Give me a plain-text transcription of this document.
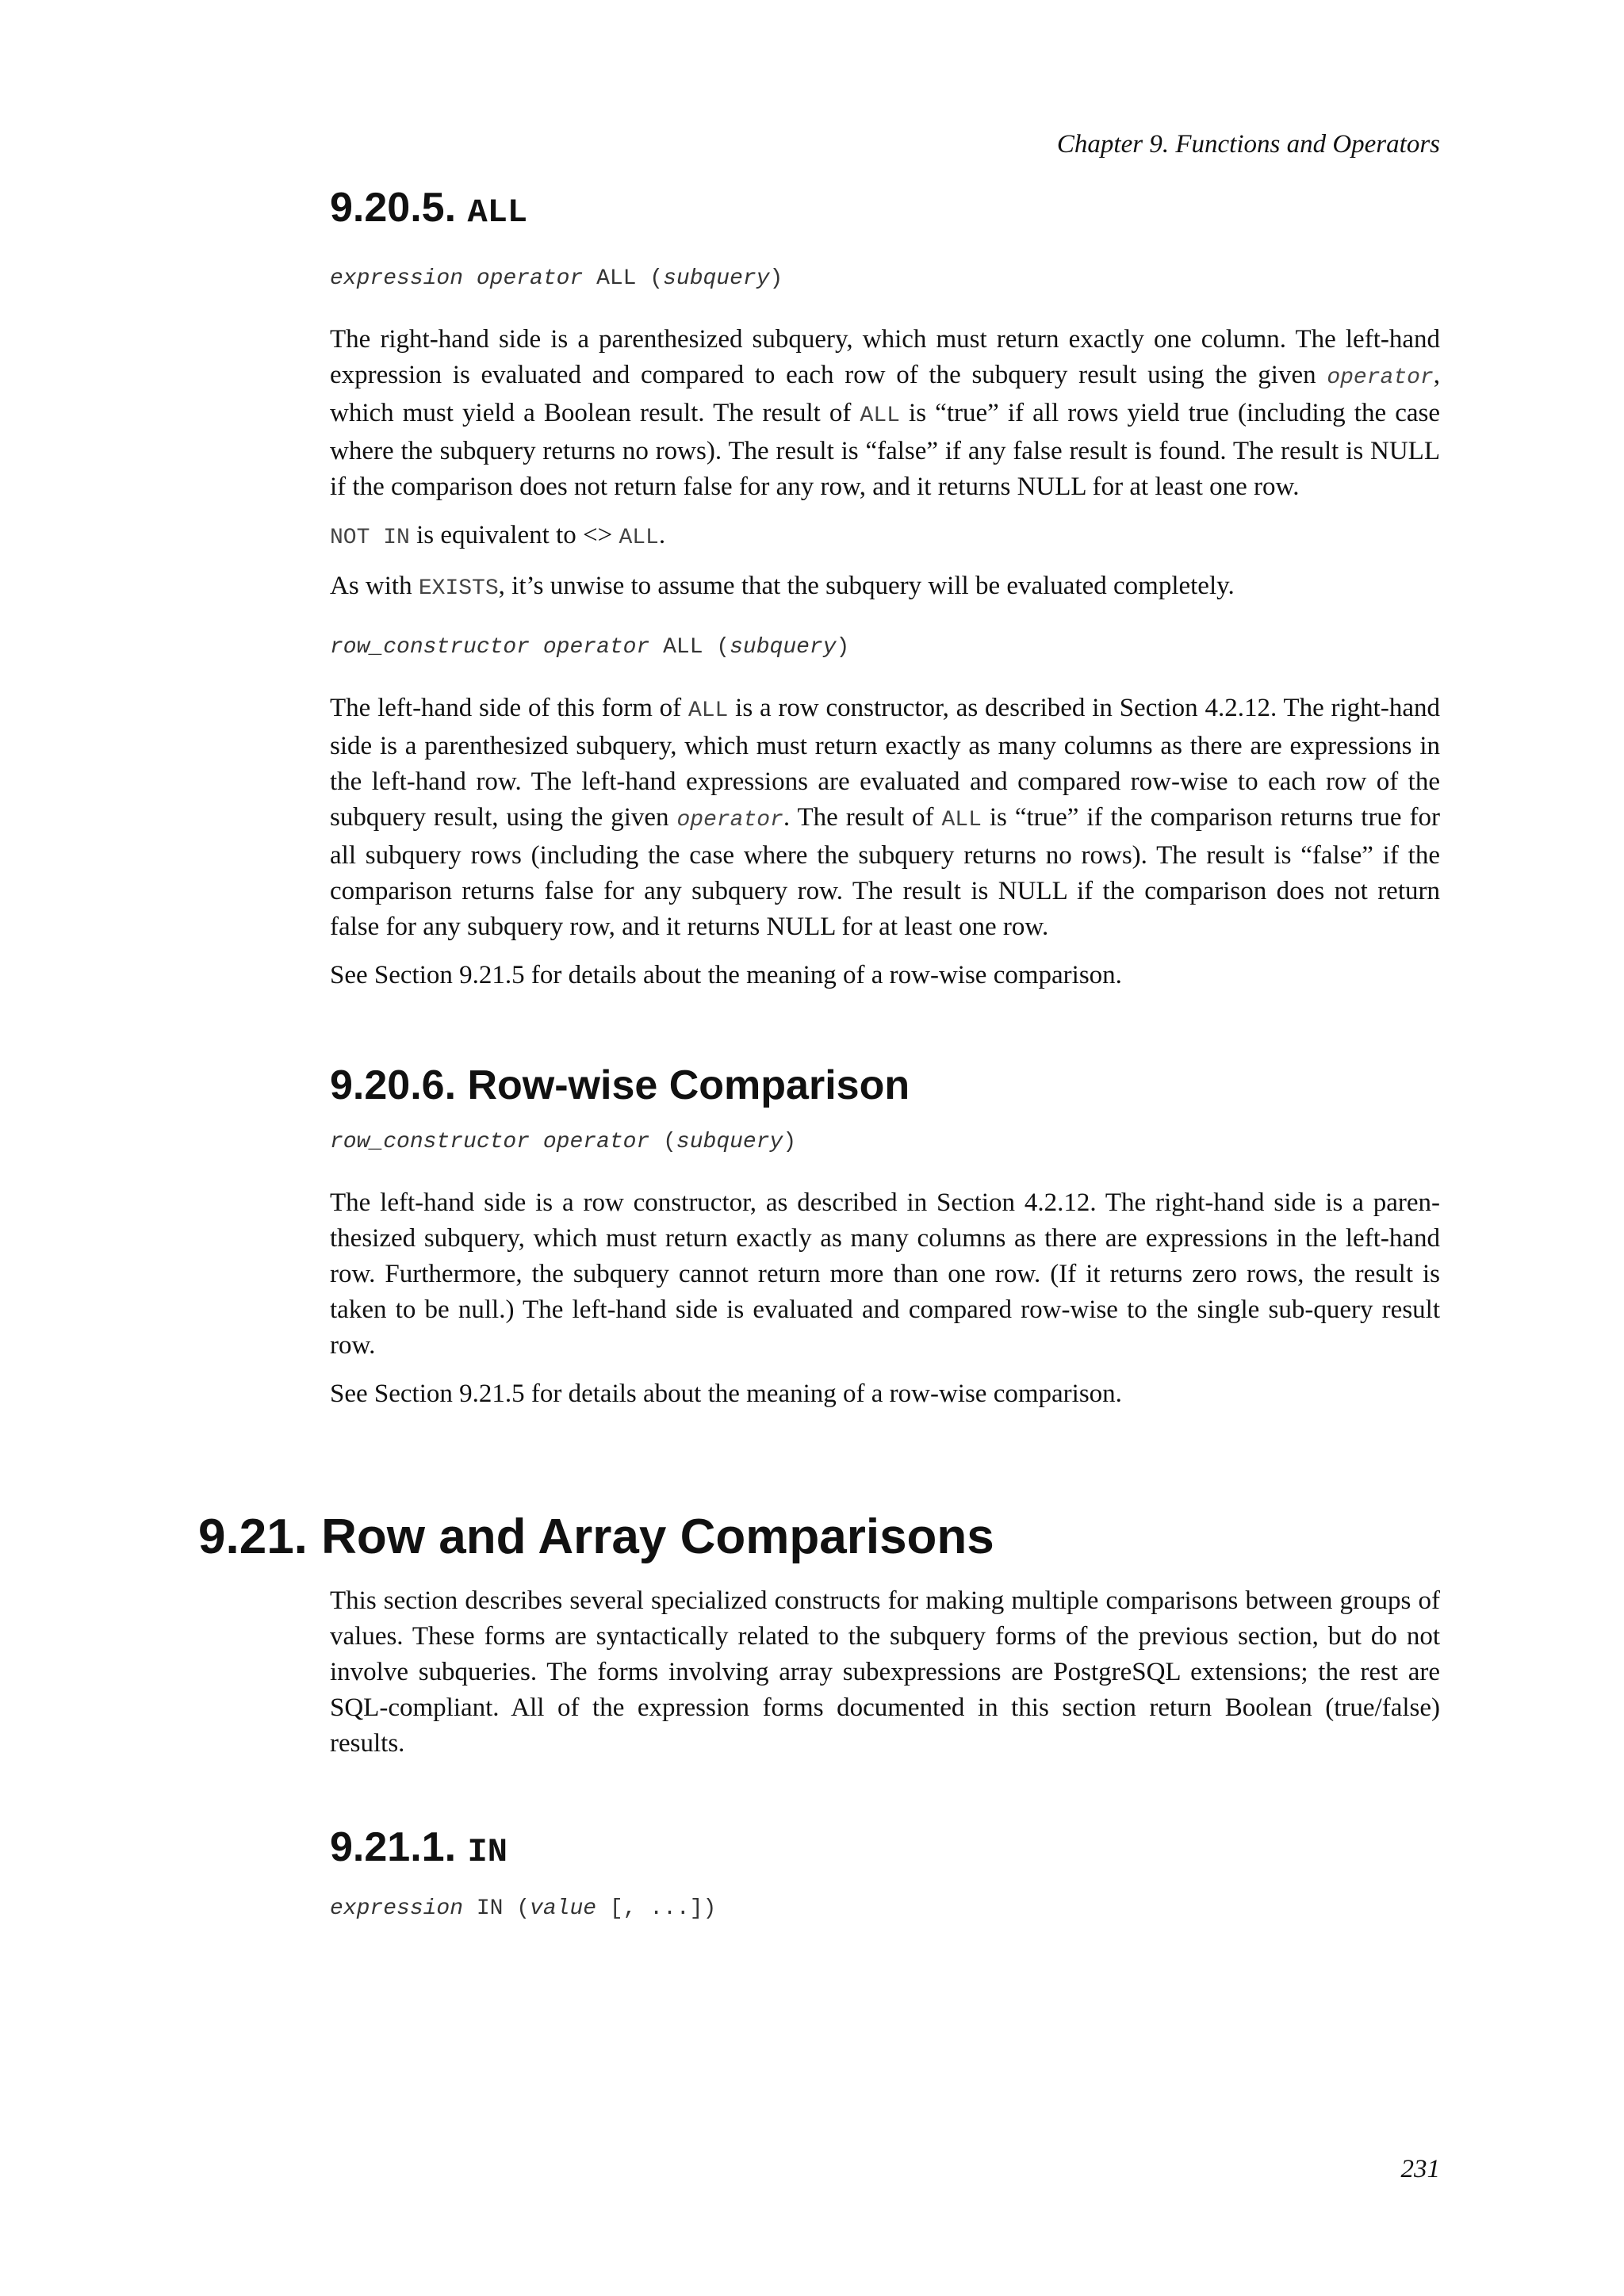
Chapter 9. Functions and Operators
9.20.5. ALL

expression operator ALL (subquery)

The right-hand side is a parenthesized subquery, which must return exactly one column. The left-hand expression is evaluated and compared to each row of the subquery result using the given operator, which must yield a Boolean result. The result of ALL is “true” if all rows yield true (including the case where the subquery returns no rows). The result is “false” if any false result is found. The result is NULL if the comparison does not return false for any row, and it returns NULL for at least one row.

NOT IN is equivalent to <> ALL.

As with EXISTS, it’s unwise to assume that the subquery will be evaluated completely.

row_constructor operator ALL (subquery)

The left-hand side of this form of ALL is a row constructor, as described in Section 4.2.12. The right-hand side is a parenthesized subquery, which must return exactly as many columns as there are expressions in the left-hand row. The left-hand expressions are evaluated and compared row-wise to each row of the subquery result, using the given operator. The result of ALL is “true” if the comparison returns true for all subquery rows (including the case where the subquery returns no rows). The result is “false” if the comparison returns false for any subquery row. The result is NULL if the comparison does not return false for any subquery row, and it returns NULL for at least one row.

See Section 9.21.5 for details about the meaning of a row-wise comparison.

9.20.6. Row-wise Comparison

row_constructor operator (subquery)

The left-hand side is a row constructor, as described in Section 4.2.12. The right-hand side is a paren-thesized subquery, which must return exactly as many columns as there are expressions in the left-hand row. Furthermore, the subquery cannot return more than one row. (If it returns zero rows, the result is taken to be null.) The left-hand side is evaluated and compared row-wise to the single sub-query result row.

See Section 9.21.5 for details about the meaning of a row-wise comparison.

9.21. Row and Array Comparisons

This section describes several specialized constructs for making multiple comparisons between groups of values. These forms are syntactically related to the subquery forms of the previous section, but do not involve subqueries. The forms involving array subexpressions are PostgreSQL extensions; the rest are SQL-compliant. All of the expression forms documented in this section return Boolean (true/false) results.

9.21.1. IN

expression IN (value [, ...])

231
